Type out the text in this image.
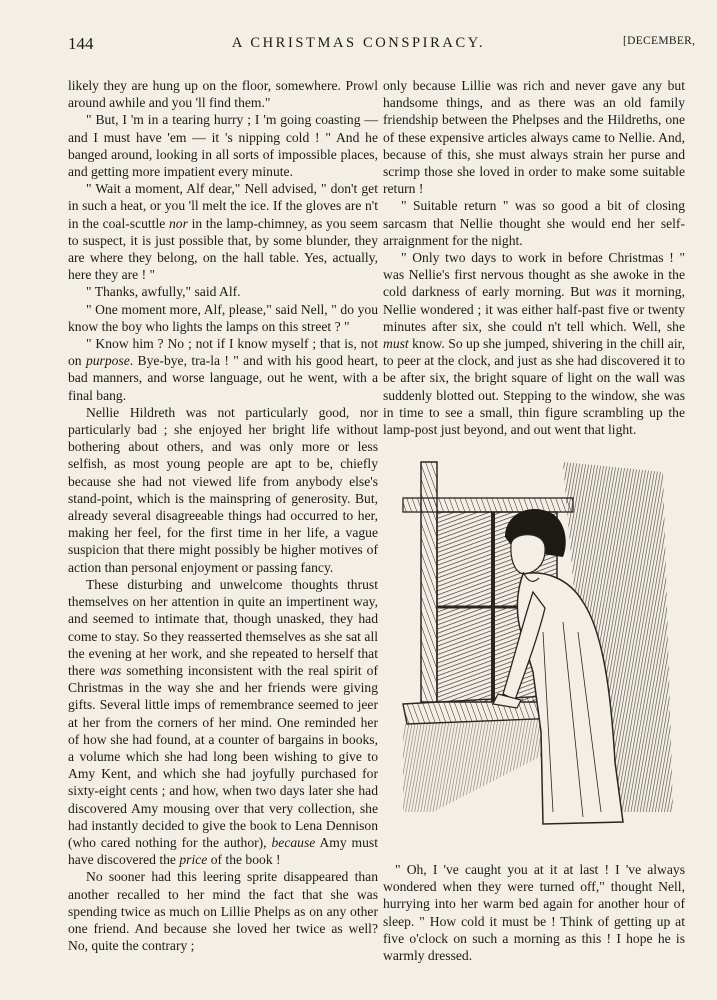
144	A CHRISTMAS CONSPIRACY.	[DECEMBER,

likely they are hung up on the floor, somewhere. Prowl around awhile and you 'll find them."

" But, I 'm in a tearing hurry ; I 'm going coasting — and I must have 'em — it 's nipping cold ! " And he banged around, looking in all sorts of impossible places, and getting more impatient every minute.

" Wait a moment, Alf dear," Nell advised, " don't get in such a heat, or you 'll melt the ice. If the gloves are n't in the coal-scuttle nor in the lamp-chimney, as you seem to suspect, it is just possible that, by some blunder, they are where they belong, on the hall table. Yes, actually, here they are ! "

" Thanks, awfully," said Alf.

" One moment more, Alf, please," said Nell, " do you know the boy who lights the lamps on this street ? "

" Know him ? No ; not if I know myself ; that is, not on purpose. Bye-bye, tra-la ! " and with his good heart, bad manners, and worse language, out he went, with a final bang.

Nellie Hildreth was not particularly good, nor particularly bad ; she enjoyed her bright life without bothering about others, and was only more or less selfish, as most young people are apt to be, chiefly because she had not viewed life from anybody else's stand-point, which is the mainspring of generosity. But, already several disagreeable things had occurred to her, making her feel, for the first time in her life, a vague suspicion that there might possibly be higher motives of action than personal enjoyment or passing fancy.

These disturbing and unwelcome thoughts thrust themselves on her attention in quite an impertinent way, and seemed to intimate that, though unasked, they had come to stay. So they reasserted themselves as she sat all the evening at her work, and she repeated to herself that there was something inconsistent with the real spirit of Christmas in the way she and her friends were giving gifts. Several little imps of remembrance seemed to jeer at her from the corners of her mind. One reminded her of how she had found, at a counter of bargains in books, a volume which she had long been wishing to give to Amy Kent, and which she had joyfully purchased for sixty-eight cents ; and how, when two days later she had discovered Amy mousing over that very collection, she had instantly decided to give the book to Lena Dennison (who cared nothing for the author), because Amy must have discovered the price of the book !

No sooner had this leering sprite disappeared than another recalled to her mind the fact that she was spending twice as much on Lillie Phelps as on any other one friend. And because she loved her twice as well? No, quite the contrary ;

only because Lillie was rich and never gave any but handsome things, and as there was an old family friendship between the Phelpses and the Hildreths, one of these expensive articles always came to Nellie. And, because of this, she must always strain her purse and scrimp those she loved in order to make some suitable return !

" Suitable return " was so good a bit of closing sarcasm that Nellie thought she would end her self-arraignment for the night.

" Only two days to work in before Christmas ! " was Nellie's first nervous thought as she awoke in the cold darkness of early morning. But was it morning, Nellie wondered ; it was either half-past five or twenty minutes after six, she could n't tell which. Well, she must know. So up she jumped, shivering in the chill air, to peer at the clock, and just as she had discovered it to be after six, the bright square of light on the wall was suddenly blotted out. Stepping to the window, she was in time to see a small, thin figure scrambling up the lamp-post just beyond, and out went that light.

" Oh, I 've caught you at it at last ! I 've always wondered when they were turned off," thought Nell, hurrying into her warm bed again for another hour of sleep. " How cold it must be ! Think of getting up at five o'clock on such a morning as this ! I hope he is warmly dressed.
